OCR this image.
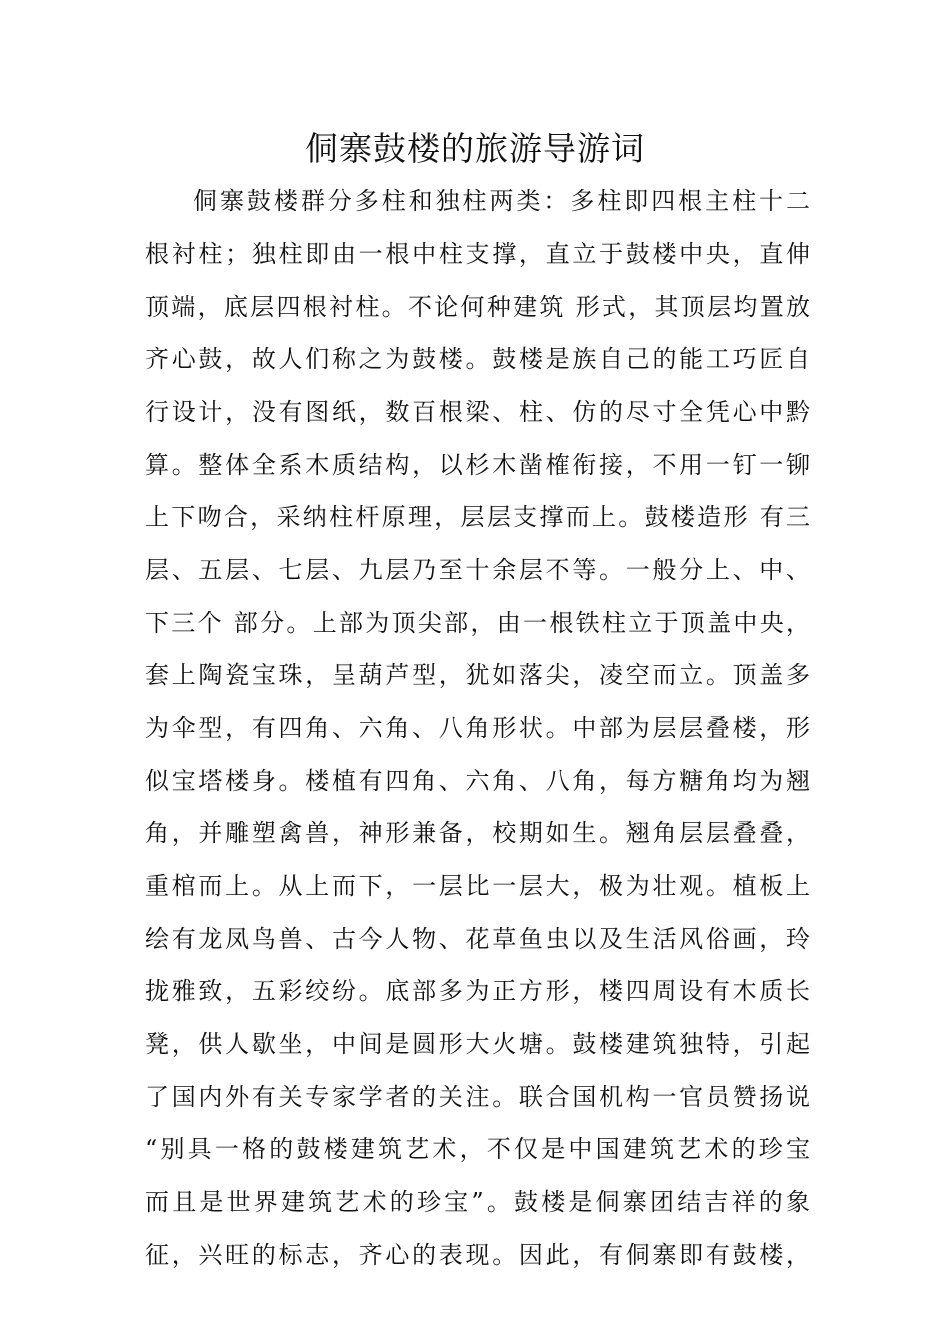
侗寨鼓楼的旅游导游词
侗寨鼓楼群分多柱和独柱两类：多柱即四根主柱十二
根衬柱；独柱即由一根中柱支撑，直立于鼓楼中央，直伸
顶端，底层四根衬柱。不论何种建筑 形式，其顶层均置放
齐心鼓，故人们称之为鼓楼。鼓楼是族自己的能工巧匠自
行设计，没有图纸，数百根梁、柱、仿的尽寸全凭心中黔
算。整体全系木质结构，以杉木凿榷衔接，不用一钉一铆
上下吻合，采纳柱杆原理，层层支撑而上。鼓楼造形 有三
层、五层、七层、九层乃至十余层不等。一般分上、中、
下三个 部分。上部为顶尖部，由一根铁柱立于顶盖中央，
套上陶瓷宝珠，呈葫芦型，犹如落尖，凌空而立。顶盖多
为伞型，有四角、六角、八角形状。中部为层层叠楼，形
似宝塔楼身。楼植有四角、六角、八角，每方糖角均为翘
角，并雕塑禽兽，神形兼备，校期如生。翘角层层叠叠，
重棺而上。从上而下，一层比一层大，极为壮观。植板上
绘有龙凤鸟兽、古今人物、花草鱼虫以及生活风俗画，玲
拢雅致，五彩绞纷。底部多为正方形，楼四周设有木质长
凳，供人歇坐，中间是圆形大火塘。鼓楼建筑独特，引起
了国内外有关专家学者的关注。联合国机构一官员赞扬说
“别具一格的鼓楼建筑艺术，不仅是中国建筑艺术的珍宝
而且是世界建筑艺术的珍宝”。鼓楼是侗寨团结吉祥的象
征，兴旺的标志，齐心的表现。因此，有侗寨即有鼓楼，
